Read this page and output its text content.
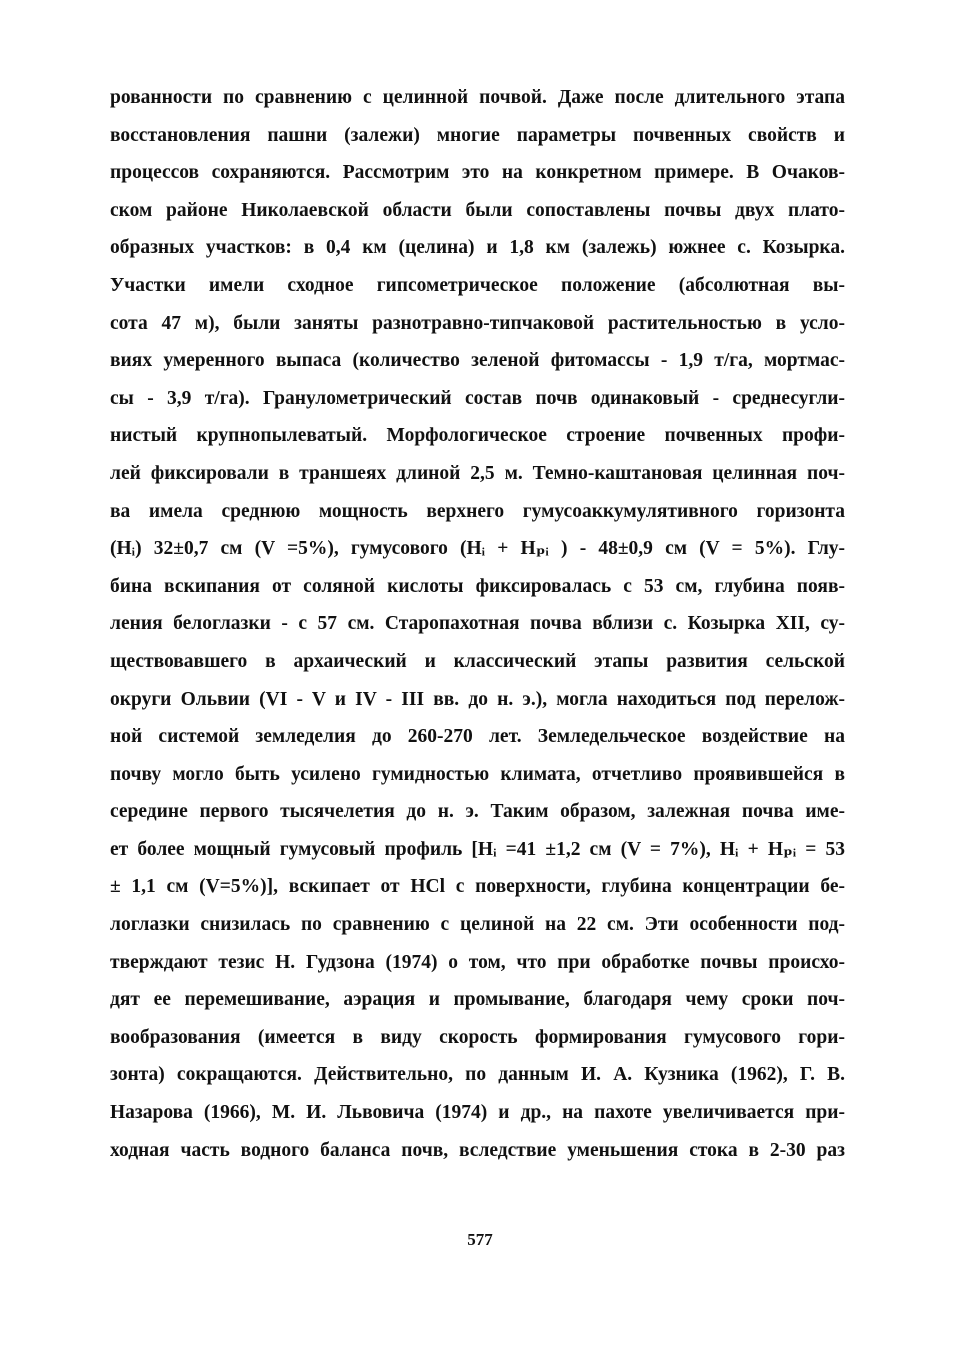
рованности по сравнению с целинной почвой. Даже после длительного этапа
восстановления пашни (залежи) многие параметры почвенных свойств и
процессов сохраняются. Рассмотрим это на конкретном примере. В Очаков-
ском районе Николаевской области были сопоставлены почвы двух плато-
образных участков: в 0,4 км (целина) и 1,8 км (залежь) южнее с. Козырка.
Участки имели сходное гипсометрическое положение (абсолютная вы-
сота 47 м), были заняты разнотравно-типчаковой растительностью в усло-
виях умеренного выпаса (количество зеленой фитомассы - 1,9 т/га, мортмас-
сы - 3,9 т/га). Гранулометрический состав почв одинаковый - среднесугли-
нистый крупнопылеватый. Морфологическое строение почвенных профи-
лей фиксировали в траншеях длиной 2,5 м. Темно-каштановая целинная поч-
ва имела среднюю мощность верхнего гумусоаккумулятивного горизонта
(Hᵢ) 32±0,7 см (V =5%), гумусового (Hᵢ + Hₚᵢ ) - 48±0,9 см (V = 5%). Глу-
бина вскипания от соляной кислоты фиксировалась с 53 см, глубина появ-
ления белоглазки - с 57 см. Старопахотная почва вблизи с. Козырка XII, су-
ществовавшего в архаический и классический этапы развития сельской
округи Ольвии (VI - V и IV - III вв. до н. э.), могла находиться под перелож-
ной системой земледелия до 260-270 лет. Земледельческое воздействие на
почву могло быть усилено гумидностью климата, отчетливо проявившейся в
середине первого тысячелетия до н. э. Таким образом, залежная почва име-
ет более мощный гумусовый профиль [Hᵢ =41 ±1,2 см (V = 7%), Hᵢ + Hₚᵢ = 53
± 1,1 см (V=5%)], вскипает от HCl с поверхности, глубина концентрации бе-
логлазки снизилась по сравнению с целиной на 22 см. Эти особенности под-
тверждают тезис Н. Гудзона (1974) о том, что при обработке почвы происхо-
дят ее перемешивание, аэрация и промывание, благодаря чему сроки поч-
вообразования (имеется в виду скорость формирования гумусового гори-
зонта) сокращаются. Действительно, по данным И. А. Кузника (1962), Г. В.
Назарова (1966), М. И. Львовича (1974) и др., на пахоте увеличивается при-
ходная часть водного баланса почв, вследствие уменьшения стока в 2-30 раз
577
